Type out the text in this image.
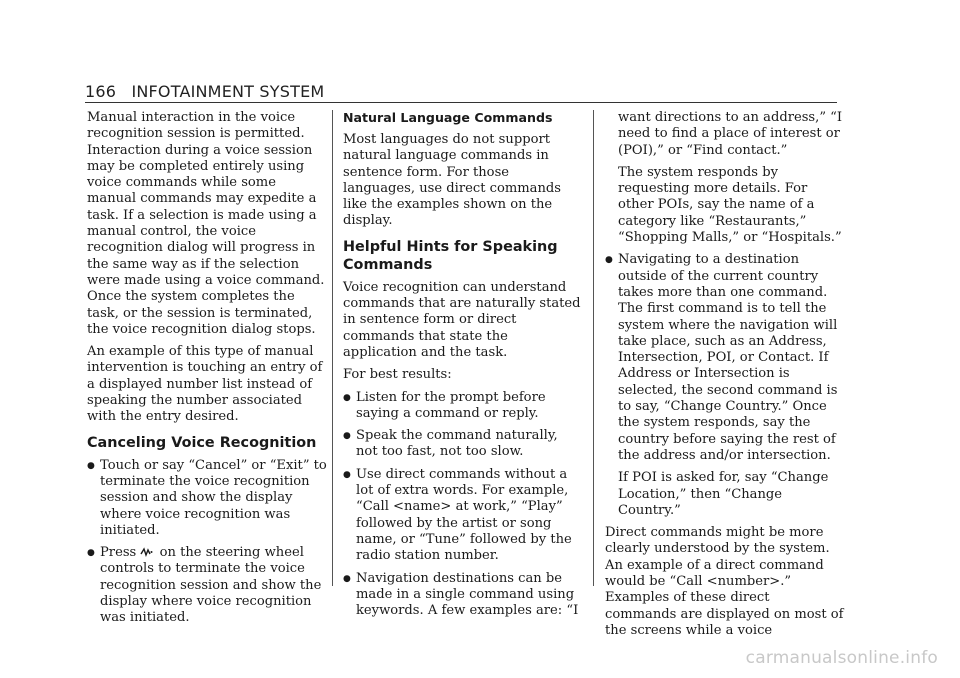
166 INFOTAINMENT SYSTEM

Manual interaction in the voice recognition session is permitted. Interaction during a voice session may be completed entirely using voice commands while some manual commands may expedite a task. If a selection is made using a manual control, the voice recognition dialog will progress in the same way as if the selection were made using a voice command. Once the system completes the task, or the session is terminated, the voice recognition dialog stops.

An example of this type of manual intervention is touching an entry of a displayed number list instead of speaking the number associated with the entry desired.

Canceling Voice Recognition
● Touch or say “Cancel” or “Exit” to terminate the voice recognition session and show the display where voice recognition was initiated.
● Press on the steering wheel controls to terminate the voice recognition session and show the display where voice recognition was initiated.
Natural Language Commands

Most languages do not support natural language commands in sentence form. For those languages, use direct commands like the examples shown on the display.

Helpful Hints for Speaking Commands

Voice recognition can understand commands that are naturally stated in sentence form or direct commands that state the application and the task.

For best results:

● Listen for the prompt before saying a command or reply.
● Speak the command naturally, not too fast, not too slow.
● Use direct commands without a lot of extra words. For example, “Call <name> at work,” “Play” followed by the artist or song name, or “Tune” followed by the radio station number.
● Navigation destinations can be made in a single command using keywords. A few examples are: “I

want directions to an address,” “I need to find a place of interest or (POI),” or “Find contact.”

The system responds by requesting more details. For other POIs, say the name of a category like “Restaurants,” “Shopping Malls,” or “Hospitals.”

● Navigating to a destination outside of the current country takes more than one command. The first command is to tell the system where the navigation will take place, such as an Address, Intersection, POI, or Contact. If Address or Intersection is selected, the second command is to say, “Change Country.” Once the system responds, say the country before saying the rest of the address and/or intersection.

If POI is asked for, say “Change Location,” then “Change Country.”

Direct commands might be more clearly understood by the system. An example of a direct command would be “Call <number>.” Examples of these direct commands are displayed on most of the screens while a voice

carmanualsonline.info
